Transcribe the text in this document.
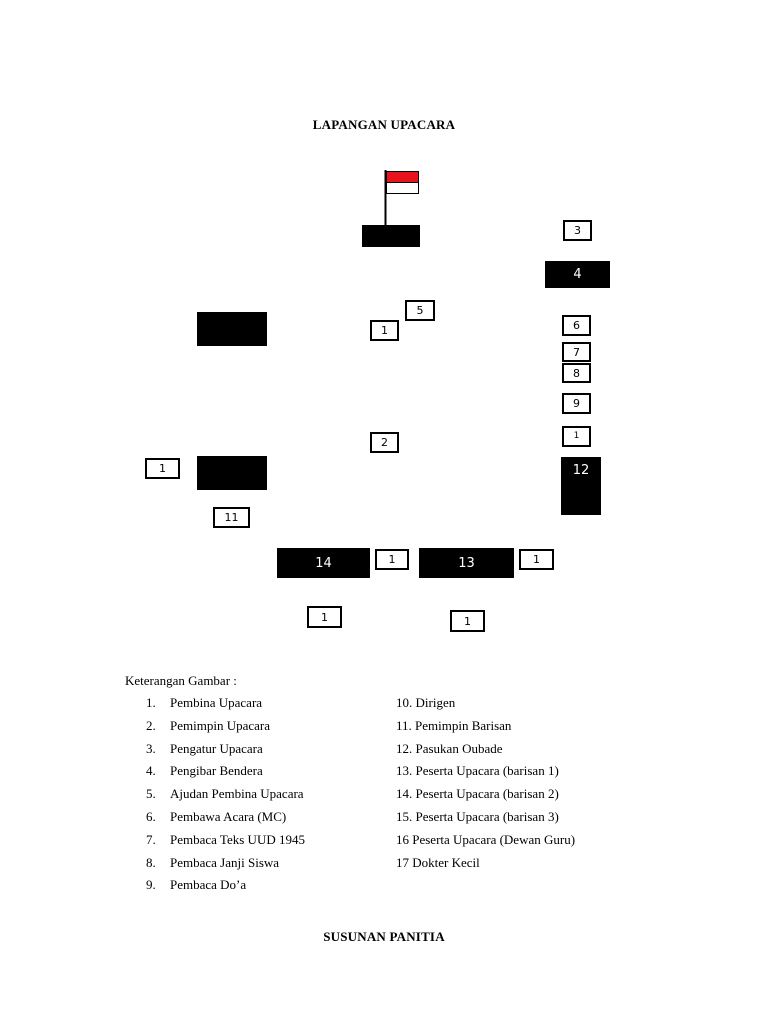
LAPANGAN UPACARA
4
12
14	13
3
5
1	6
7
8
9
1
2
1
11
1	1
1	1
Keterangan Gambar :
1. Pembina Upacara
2. Pemimpin Upacara
3. Pengatur Upacara
4. Pengibar Bendera
5. Ajudan Pembina Upacara
6. Pembawa Acara (MC)
7. Pembaca Teks UUD 1945
8. Pembaca Janji Siswa
9. Pembaca Do’a
10. Dirigen
11. Pemimpin Barisan
12. Pasukan Oubade
13. Peserta Upacara (barisan 1)
14. Peserta Upacara (barisan 2)
15. Peserta Upacara (barisan 3)
16 Peserta Upacara (Dewan Guru)
17 Dokter Kecil
SUSUNAN PANITIA
